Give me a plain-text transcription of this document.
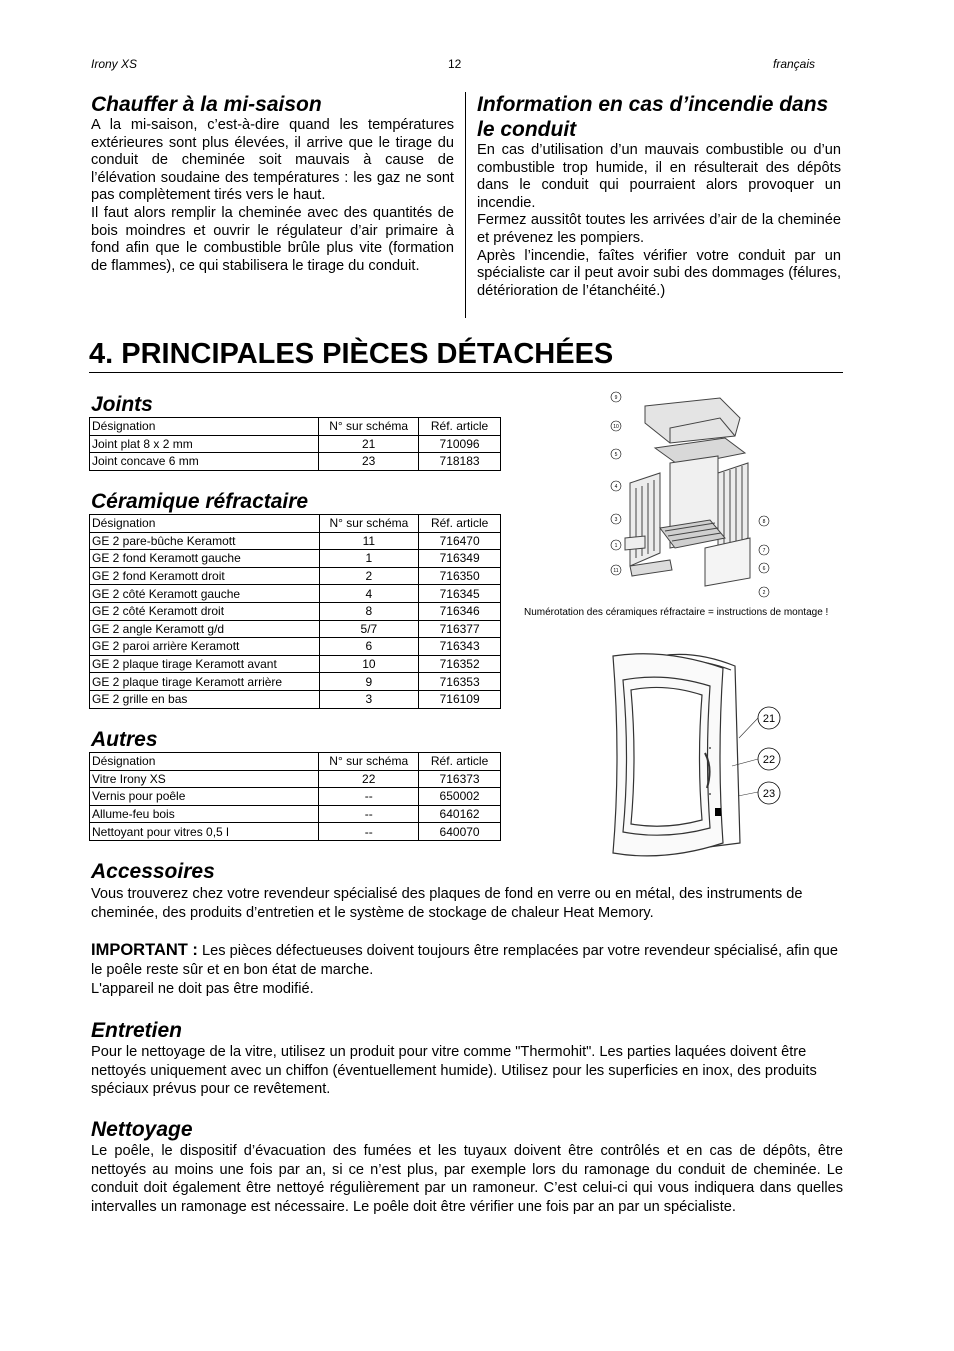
Irony XS	12	français
Chauffer à la mi-saison

A la mi-saison, c’est-à-dire quand les températures extérieures sont plus élevées, il arrive que le tirage du conduit de cheminée soit mauvais à cause de l’élévation soudaine des températures : les gaz ne sont pas complètement tirés vers le haut.

Il faut alors remplir la cheminée avec des quantités de bois moindres et ouvrir le régulateur d’air primaire à fond afin que le combustible brûle plus vite (formation de flammes), ce qui stabilisera le tirage du conduit.

Information en cas d’incendie dans le conduit

En cas d’utilisation d’un mauvais combustible ou d’un combustible trop humide, il en résulterait des dépôts dans le conduit qui pourraient alors provoquer un incendie.

Fermez aussitôt toutes les arrivées d’air de la cheminée et prévenez les pompiers.

Après l’incendie, faîtes vérifier votre conduit par un spécialiste car il peut avoir subi des dommages (félures, détérioration de l’étanchéité.)

4. PRINCIPALES PIÈCES DÉTACHÉES
Joints
Désignation	N° sur schéma	Réf. article
Joint plat 8 x 2 mm	21	710096
Joint concave 6 mm	23	718183
Céramique réfractaire
Désignation	N° sur schéma	Réf. article
GE 2 pare-bûche Keramott	11	716470
GE 2 fond Keramott gauche	1	716349
GE 2 fond Keramott droit	2	716350
GE 2 côté Keramott gauche	4	716345
GE 2 côté Keramott droit	8	716346
GE 2 angle Keramott g/d	5/7	716377
GE 2 paroi arrière Keramott	6	716343
GE 2 plaque tirage Keramott avant	10	716352
GE 2 plaque tirage Keramott arrière	9	716353
GE 2 grille en bas	3	716109
Autres
Désignation	N° sur schéma	Réf. article
Vitre Irony XS	22	716373
Vernis pour poêle	--	650002
Allume-feu bois	--	640162
Nettoyant pour vitres 0,5 l	--	640070
9
10
5
4
3
1
11
8
7
6
2
Numérotation des céramiques réfractaire = instructions de montage !
21
22
23
Accessoires

Vous trouverez chez votre revendeur spécialisé des plaques de fond en verre ou en métal, des instruments de cheminée, des produits d’entretien et le système de stockage de chaleur Heat Memory.

IMPORTANT : Les pièces défectueuses doivent toujours être remplacées par votre revendeur spécialisé, afin que le poêle reste sûr et en bon état de marche.

L'appareil ne doit pas être modifié.

Entretien

Pour le nettoyage de la vitre, utilisez un produit pour vitre comme "Thermohit". Les parties laquées doivent être nettoyés uniquement avec un chiffon (éventuellement humide). Utilisez pour les superficies en inox, des produits spéciaux prévus pour ce revêtement.

Nettoyage

Le poêle, le dispositif d’évacuation des fumées et les tuyaux doivent être contrôlés et en cas de dépôts, être nettoyés au moins une fois par an, si ce n’est plus, par exemple lors du ramonage du conduit de cheminée. Le conduit doit également être nettoyé régulièrement par un ramoneur. C’est celui-ci qui vous indiquera dans quelles intervalles un ramonage est nécessaire. Le poêle doit être vérifier une fois par an par un spécialiste.
